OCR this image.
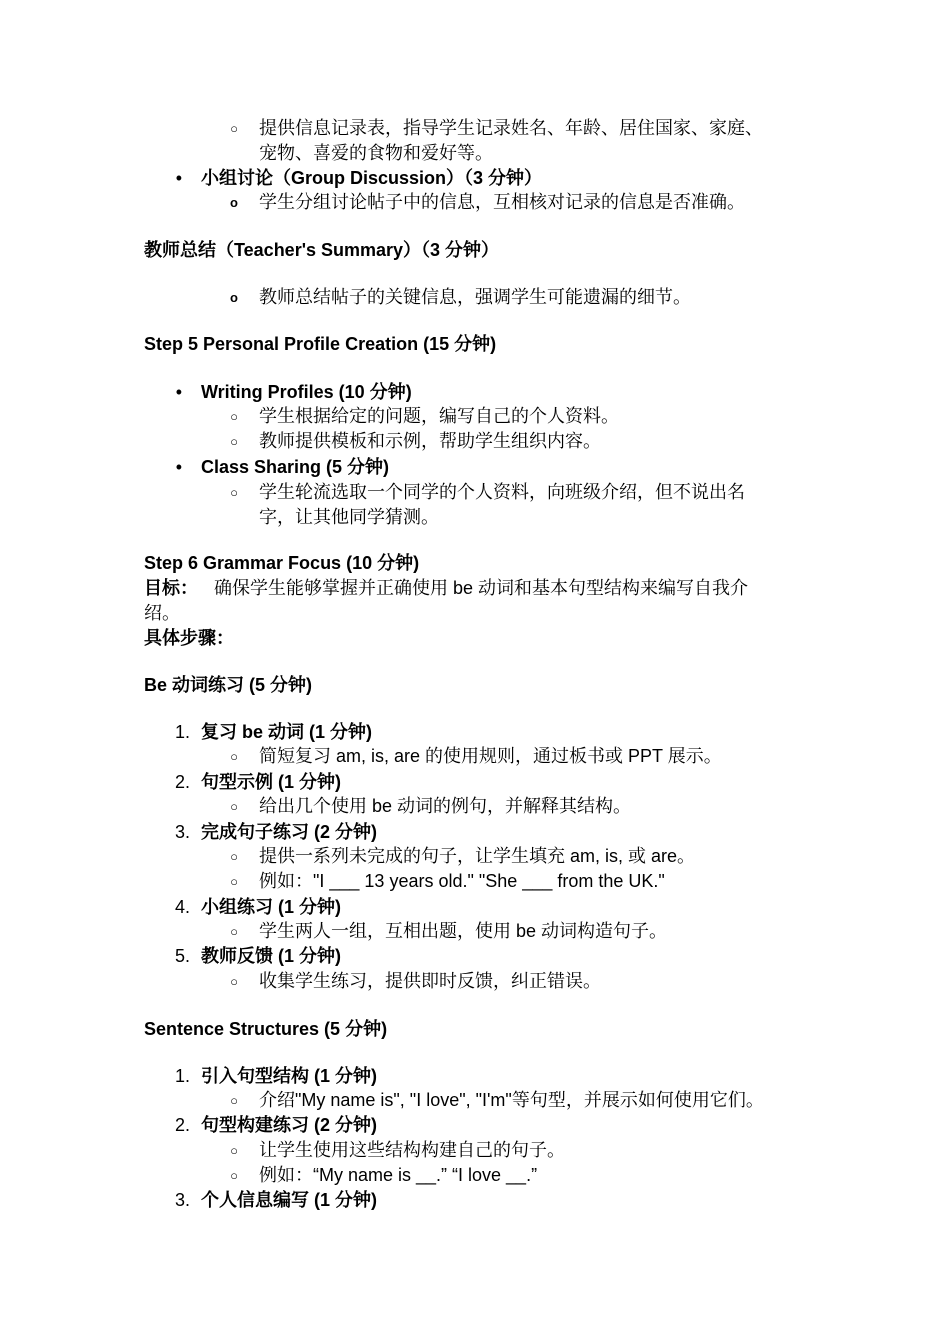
○ 提供信息记录表，指导学生记录姓名、年龄、居住国家、家庭、
宠物、喜爱的食物和爱好等。
• 小组讨论（Group Discussion）（3 分钟）
o 学生分组讨论帖子中的信息，互相核对记录的信息是否准确。
教师总结（Teacher's Summary）（3 分钟）
o 教师总结帖子的关键信息，强调学生可能遗漏的细节。
Step 5 Personal Profile Creation (15 分钟)
• Writing Profiles (10 分钟)
○ 学生根据给定的问题，编写自己的个人资料。
○ 教师提供模板和示例，帮助学生组织内容。
• Class Sharing (5 分钟)
○ 学生轮流选取一个同学的个人资料，向班级介绍，但不说出名
字，让其他同学猜测。
Step 6 Grammar Focus (10 分钟)
目标： 确保学生能够掌握并正确使用 be 动词和基本句型结构来编写自我介
绍。
具体步骤：
Be 动词练习 (5 分钟)
1. 复习 be 动词 (1 分钟)
○ 简短复习 am, is, are 的使用规则，通过板书或 PPT 展示。
2. 句型示例 (1 分钟)
○ 给出几个使用 be 动词的例句，并解释其结构。
3. 完成句子练习 (2 分钟)
○ 提供一系列未完成的句子，让学生填充 am, is, 或 are。
○ 例如："I ___ 13 years old." "She ___ from the UK."
4. 小组练习 (1 分钟)
○ 学生两人一组，互相出题，使用 be 动词构造句子。
5. 教师反馈 (1 分钟)
○ 收集学生练习，提供即时反馈，纠正错误。
Sentence Structures (5 分钟)
1. 引入句型结构 (1 分钟)
○ 介绍"My name is", "I love", "I'm"等句型，并展示如何使用它们。
2. 句型构建练习 (2 分钟)
○ 让学生使用这些结构构建自己的句子。
○ 例如：“My name is __.” “I love __.”
3. 个人信息编写 (1 分钟)
